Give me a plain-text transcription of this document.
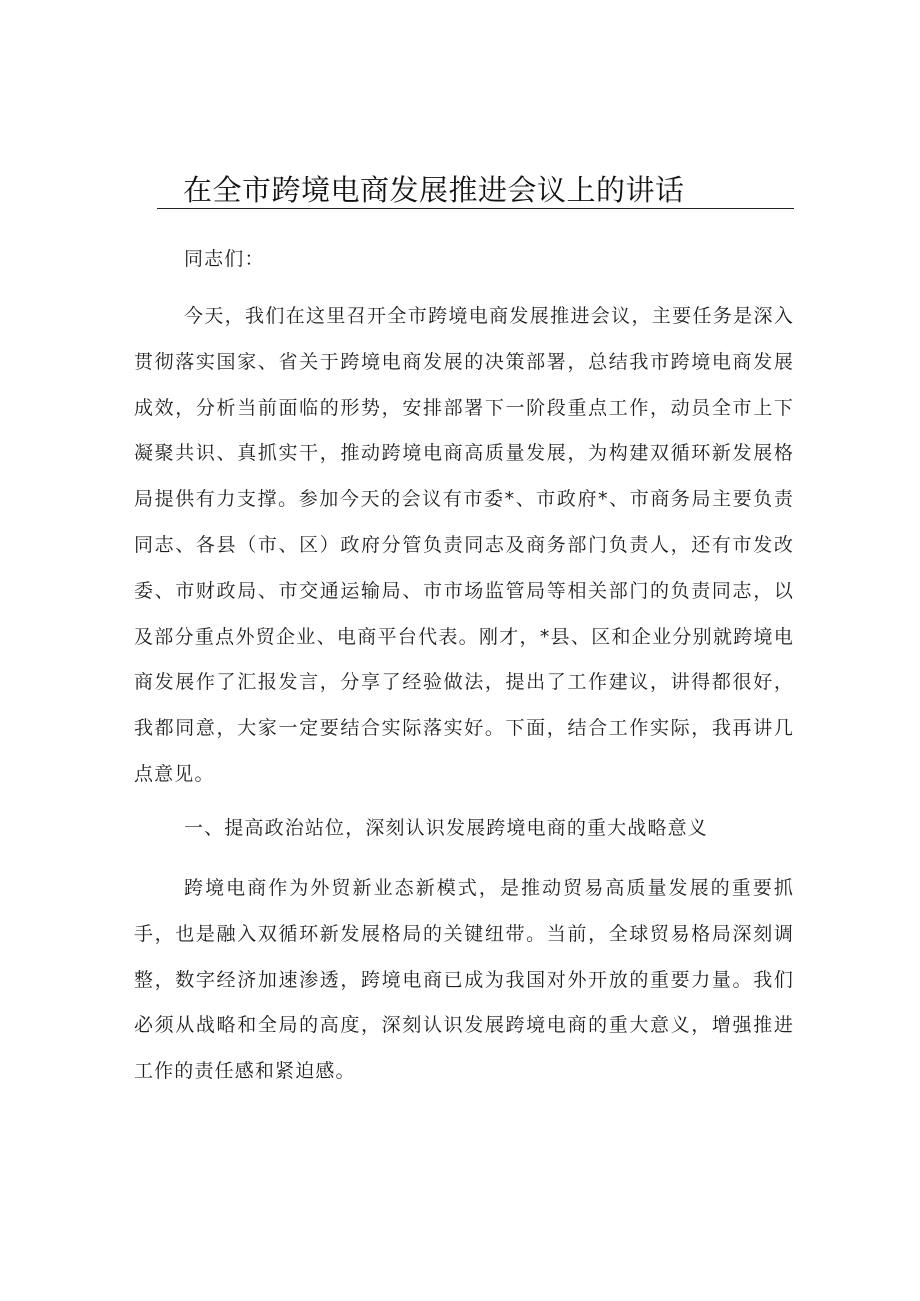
在全市跨境电商发展推进会议上的讲话

同志们：

今天，我们在这里召开全市跨境电商发展推进会议，主要任务是深入贯彻落实国家、省关于跨境电商发展的决策部署，总结我市跨境电商发展成效，分析当前面临的形势，安排部署下一阶段重点工作，动员全市上下凝聚共识、真抓实干，推动跨境电商高质量发展，为构建双循环新发展格局提供有力支撑。参加今天的会议有市委*、市政府*、市商务局主要负责同志、各县（市、区）政府分管负责同志及商务部门负责人，还有市发改委、市财政局、市交通运输局、市市场监管局等相关部门的负责同志，以及部分重点外贸企业、电商平台代表。刚才，*县、区和企业分别就跨境电商发展作了汇报发言，分享了经验做法，提出了工作建议，讲得都很好，我都同意，大家一定要结合实际落实好。下面，结合工作实际，我再讲几点意见。

一、提高政治站位，深刻认识发展跨境电商的重大战略意义

跨境电商作为外贸新业态新模式，是推动贸易高质量发展的重要抓手，也是融入双循环新发展格局的关键纽带。当前，全球贸易格局深刻调整，数字经济加速渗透，跨境电商已成为我国对外开放的重要力量。我们必须从战略和全局的高度，深刻认识发展跨境电商的重大意义，增强推进工作的责任感和紧迫感。
